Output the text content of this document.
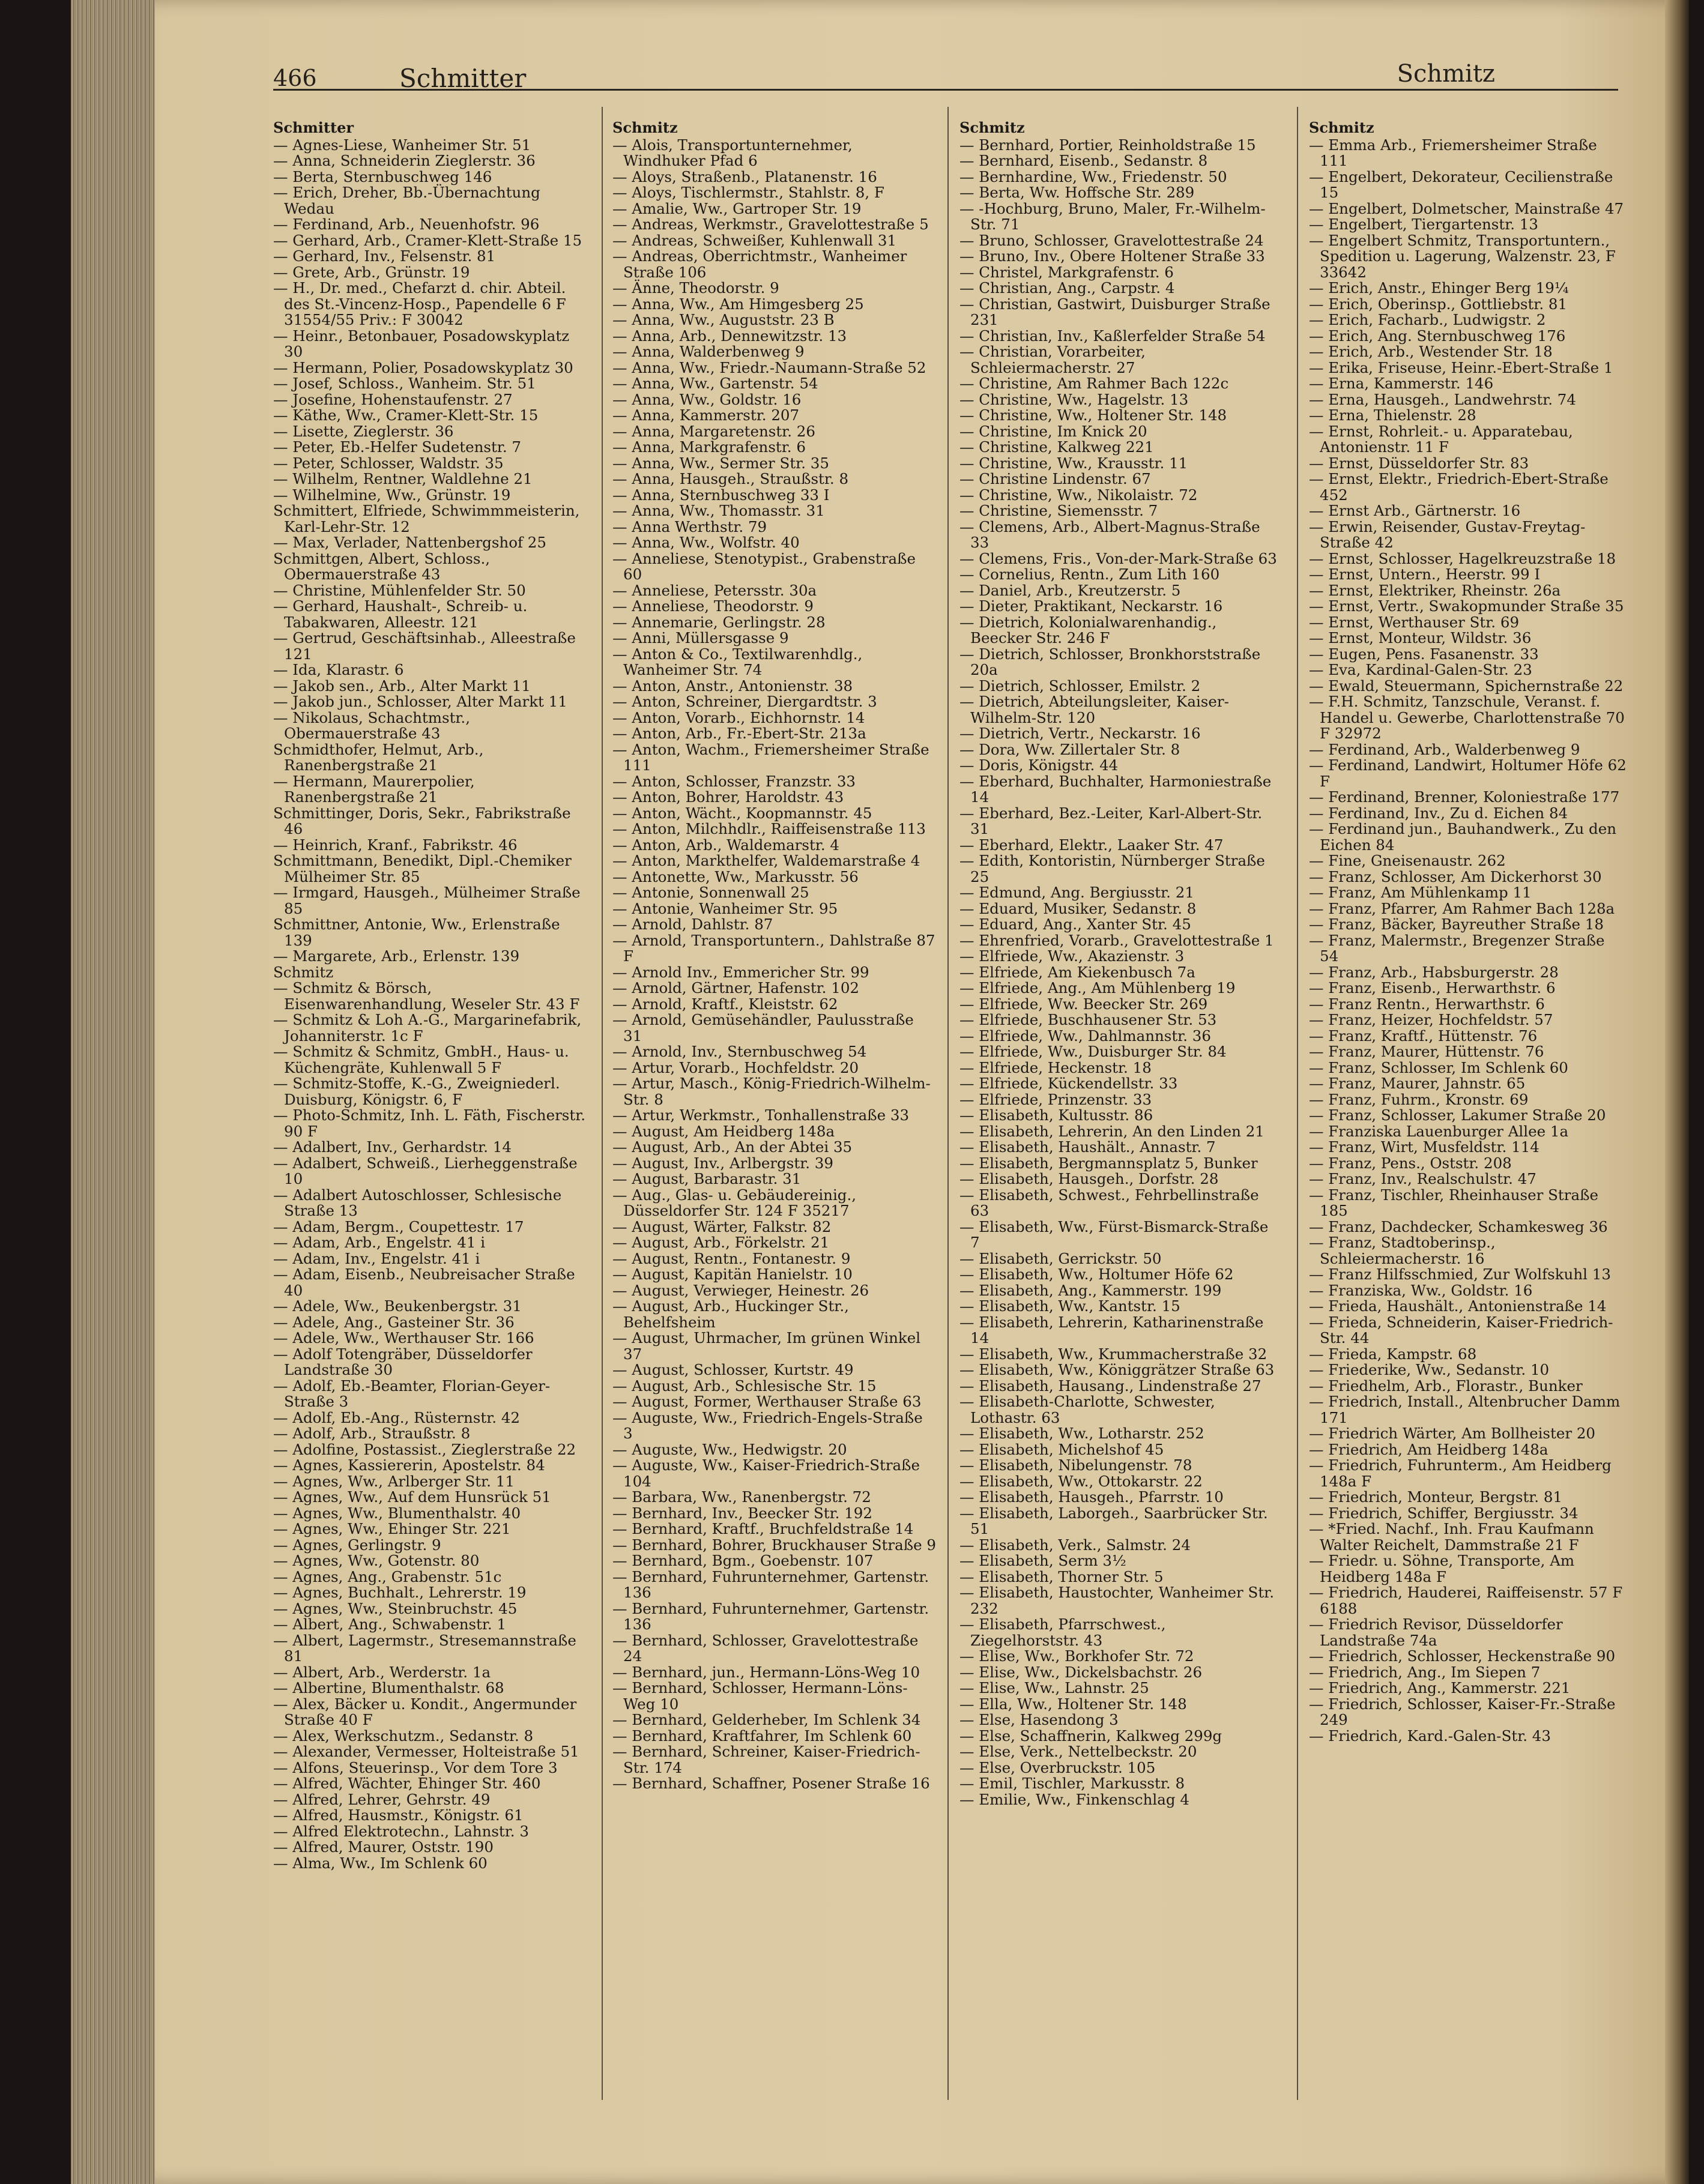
466	Schmitter	Schmitz
Schmitter
— Agnes-Liese, Wanheimer Str. 51
— Anna, Schneiderin Zieglerstr. 36
— Berta, Sternbuschweg 146
— Erich, Dreher, Bb.-Übernachtung Wedau
— Ferdinand, Arb., Neuenhofstr. 96
— Gerhard, Arb., Cramer-Klett-Straße 15
— Gerhard, Inv., Felsenstr. 81
— Grete, Arb., Grünstr. 19
— H., Dr. med., Chefarzt d. chir. Abteil. des St.-Vincenz-Hosp., Papendelle 6 F 31554/55 Priv.: F 30042
— Heinr., Betonbauer, Posadowskyplatz 30
— Hermann, Polier, Posadowskyplatz 30
— Josef, Schloss., Wanheim. Str. 51
— Josefine, Hohenstaufenstr. 27
— Käthe, Ww., Cramer-Klett-Str. 15
— Lisette, Zieglerstr. 36
— Peter, Eb.-Helfer Sudetenstr. 7
— Peter, Schlosser, Waldstr. 35
— Wilhelm, Rentner, Waldlehne 21
— Wilhelmine, Ww., Grünstr. 19
Schmittert, Elfriede, Schwimmmeisterin, Karl-Lehr-Str. 12
— Max, Verlader, Nattenbergshof 25
Schmittgen, Albert, Schloss., Obermauerstraße 43
— Christine, Mühlenfelder Str. 50
— Gerhard, Haushalt-, Schreib- u. Tabakwaren, Alleestr. 121
— Gertrud, Geschäftsinhab., Alleestraße 121
— Ida, Klarastr. 6
— Jakob sen., Arb., Alter Markt 11
— Jakob jun., Schlosser, Alter Markt 11
— Nikolaus, Schachtmstr., Obermauerstraße 43
Schmidthofer, Helmut, Arb., Ranenbergstraße 21
— Hermann, Maurerpolier, Ranenbergstraße 21
Schmittinger, Doris, Sekr., Fabrikstraße 46
— Heinrich, Kranf., Fabrikstr. 46
Schmittmann, Benedikt, Dipl.-Chemiker Mülheimer Str. 85
— Irmgard, Hausgeh., Mülheimer Straße 85
Schmittner, Antonie, Ww., Erlenstraße 139
— Margarete, Arb., Erlenstr. 139
Schmitz
— Schmitz & Börsch, Eisenwarenhandlung, Weseler Str. 43 F
— Schmitz & Loh A.-G., Margarinefabrik, Johanniterstr. 1c F
— Schmitz & Schmitz, GmbH., Haus- u. Küchengräte, Kuhlenwall 5 F
— Schmitz-Stoffe, K.-G., Zweigniederl. Duisburg, Königstr. 6, F
— Photo-Schmitz, Inh. L. Fäth, Fischerstr. 90 F
— Adalbert, Inv., Gerhardstr. 14
— Adalbert, Schweiß., Lierheggenstraße 10
— Adalbert Autoschlosser, Schlesische Straße 13
— Adam, Bergm., Coupettestr. 17
— Adam, Arb., Engelstr. 41 i
— Adam, Inv., Engelstr. 41 i
— Adam, Eisenb., Neubreisacher Straße 40
— Adele, Ww., Beukenbergstr. 31
— Adele, Ang., Gasteiner Str. 36
— Adele, Ww., Werthauser Str. 166
— Adolf Totengräber, Düsseldorfer Landstraße 30
— Adolf, Eb.-Beamter, Florian-Geyer-Straße 3
— Adolf, Eb.-Ang., Rüsternstr. 42
— Adolf, Arb., Straußstr. 8
— Adolfine, Postassist., Zieglerstraße 22
— Agnes, Kassiererin, Apostelstr. 84
— Agnes, Ww., Arlberger Str. 11
— Agnes, Ww., Auf dem Hunsrück 51
— Agnes, Ww., Blumenthalstr. 40
— Agnes, Ww., Ehinger Str. 221
— Agnes, Gerlingstr. 9
— Agnes, Ww., Gotenstr. 80
— Agnes, Ang., Grabenstr. 51c
— Agnes, Buchhalt., Lehrerstr. 19
— Agnes, Ww., Steinbruchstr. 45
— Albert, Ang., Schwabenstr. 1
— Albert, Lagermstr., Stresemannstraße 81
— Albert, Arb., Werderstr. 1a
— Albertine, Blumenthalstr. 68
— Alex, Bäcker u. Kondit., Angermunder Straße 40 F
— Alex, Werkschutzm., Sedanstr. 8
— Alexander, Vermesser, Holteistraße 51
— Alfons, Steuerinsp., Vor dem Tore 3
— Alfred, Wächter, Ehinger Str. 460
— Alfred, Lehrer, Gehrstr. 49
— Alfred, Hausmstr., Königstr. 61
— Alfred Elektrotechn., Lahnstr. 3
— Alfred, Maurer, Oststr. 190
— Alma, Ww., Im Schlenk 60
Schmitz
— Alois, Transportunternehmer, Windhuker Pfad 6
— Aloys, Straßenb., Platanenstr. 16
— Aloys, Tischlermstr., Stahlstr. 8, F
— Amalie, Ww., Gartroper Str. 19
— Andreas, Werkmstr., Gravelottestraße 5
— Andreas, Schweißer, Kuhlenwall 31
— Andreas, Oberrichtmstr., Wanheimer Straße 106
— Änne, Theodorstr. 9
— Anna, Ww., Am Himgesberg 25
— Anna, Ww., Auguststr. 23 B
— Anna, Arb., Dennewitzstr. 13
— Anna, Walderbenweg 9
— Anna, Ww., Friedr.-Naumann-Straße 52
— Anna, Ww., Gartenstr. 54
— Anna, Ww., Goldstr. 16
— Anna, Kammerstr. 207
— Anna, Margaretenstr. 26
— Anna, Markgrafenstr. 6
— Anna, Ww., Sermer Str. 35
— Anna, Hausgeh., Straußstr. 8
— Anna, Sternbuschweg 33 I
— Anna, Ww., Thomasstr. 31
— Anna Werthstr. 79
— Anna, Ww., Wolfstr. 40
— Anneliese, Stenotypist., Grabenstraße 60
— Anneliese, Petersstr. 30a
— Anneliese, Theodorstr. 9
— Annemarie, Gerlingstr. 28
— Anni, Müllersgasse 9
— Anton & Co., Textilwarenhdlg., Wanheimer Str. 74
— Anton, Anstr., Antonienstr. 38
— Anton, Schreiner, Diergardtstr. 3
— Anton, Vorarb., Eichhornstr. 14
— Anton, Arb., Fr.-Ebert-Str. 213a
— Anton, Wachm., Friemersheimer Straße 111
— Anton, Schlosser, Franzstr. 33
— Anton, Bohrer, Haroldstr. 43
— Anton, Wächt., Koopmannstr. 45
— Anton, Milchhdlr., Raiffeisenstraße 113
— Anton, Arb., Waldemarstr. 4
— Anton, Markthelfer, Waldemarstraße 4
— Antonette, Ww., Markusstr. 56
— Antonie, Sonnenwall 25
— Antonie, Wanheimer Str. 95
— Arnold, Dahlstr. 87
— Arnold, Transportuntern., Dahlstraße 87 F
— Arnold Inv., Emmericher Str. 99
— Arnold, Gärtner, Hafenstr. 102
— Arnold, Kraftf., Kleiststr. 62
— Arnold, Gemüsehändler, Paulusstraße 31
— Arnold, Inv., Sternbuschweg 54
— Artur, Vorarb., Hochfeldstr. 20
— Artur, Masch., König-Friedrich-Wilhelm-Str. 8
— Artur, Werkmstr., Tonhallenstraße 33
— August, Am Heidberg 148a
— August, Arb., An der Abtei 35
— August, Inv., Arlbergstr. 39
— August, Barbarastr. 31
— Aug., Glas- u. Gebäudereinig., Düsseldorfer Str. 124 F 35217
— August, Wärter, Falkstr. 82
— August, Arb., Förkelstr. 21
— August, Rentn., Fontanestr. 9
— August, Kapitän Hanielstr. 10
— August, Verwieger, Heinestr. 26
— August, Arb., Huckinger Str., Behelfsheim
— August, Uhrmacher, Im grünen Winkel 37
— August, Schlosser, Kurtstr. 49
— August, Arb., Schlesische Str. 15
— August, Former, Werthauser Straße 63
— Auguste, Ww., Friedrich-Engels-Straße 3
— Auguste, Ww., Hedwigstr. 20
— Auguste, Ww., Kaiser-Friedrich-Straße 104
— Barbara, Ww., Ranenbergstr. 72
— Bernhard, Inv., Beecker Str. 192
— Bernhard, Kraftf., Bruchfeldstraße 14
— Bernhard, Bohrer, Bruckhauser Straße 9
— Bernhard, Bgm., Goebenstr. 107
— Bernhard, Fuhrunternehmer, Gartenstr. 136
— Bernhard, Fuhrunternehmer, Gartenstr. 136
— Bernhard, Schlosser, Gravelottestraße 24
— Bernhard, jun., Hermann-Löns-Weg 10
— Bernhard, Schlosser, Hermann-Löns-Weg 10
— Bernhard, Gelderheber, Im Schlenk 34
— Bernhard, Kraftfahrer, Im Schlenk 60
— Bernhard, Schreiner, Kaiser-Friedrich-Str. 174
— Bernhard, Schaffner, Posener Straße 16
Schmitz
— Bernhard, Portier, Reinholdstraße 15
— Bernhard, Eisenb., Sedanstr. 8
— Bernhardine, Ww., Friedenstr. 50
— Berta, Ww. Hoffsche Str. 289
— -Hochburg, Bruno, Maler, Fr.-Wilhelm-Str. 71
— Bruno, Schlosser, Gravelottestraße 24
— Bruno, Inv., Obere Holtener Straße 33
— Christel, Markgrafenstr. 6
— Christian, Ang., Carpstr. 4
— Christian, Gastwirt, Duisburger Straße 231
— Christian, Inv., Kaßlerfelder Straße 54
— Christian, Vorarbeiter, Schleiermacherstr. 27
— Christine, Am Rahmer Bach 122c
— Christine, Ww., Hagelstr. 13
— Christine, Ww., Holtener Str. 148
— Christine, Im Knick 20
— Christine, Kalkweg 221
— Christine, Ww., Krausstr. 11
— Christine Lindenstr. 67
— Christine, Ww., Nikolaistr. 72
— Christine, Siemensstr. 7
— Clemens, Arb., Albert-Magnus-Straße 33
— Clemens, Fris., Von-der-Mark-Straße 63
— Cornelius, Rentn., Zum Lith 160
— Daniel, Arb., Kreutzerstr. 5
— Dieter, Praktikant, Neckarstr. 16
— Dietrich, Kolonialwarenhandig., Beecker Str. 246 F
— Dietrich, Schlosser, Bronkhorststraße 20a
— Dietrich, Schlosser, Emilstr. 2
— Dietrich, Abteilungsleiter, Kaiser-Wilhelm-Str. 120
— Dietrich, Vertr., Neckarstr. 16
— Dora, Ww. Zillertaler Str. 8
— Doris, Königstr. 44
— Eberhard, Buchhalter, Harmoniestraße 14
— Eberhard, Bez.-Leiter, Karl-Albert-Str. 31
— Eberhard, Elektr., Laaker Str. 47
— Edith, Kontoristin, Nürnberger Straße 25
— Edmund, Ang. Bergiusstr. 21
— Eduard, Musiker, Sedanstr. 8
— Eduard, Ang., Xanter Str. 45
— Ehrenfried, Vorarb., Gravelottestraße 1
— Elfriede, Ww., Akazienstr. 3
— Elfriede, Am Kiekenbusch 7a
— Elfriede, Ang., Am Mühlenberg 19
— Elfriede, Ww. Beecker Str. 269
— Elfriede, Buschhausener Str. 53
— Elfriede, Ww., Dahlmannstr. 36
— Elfriede, Ww., Duisburger Str. 84
— Elfriede, Heckenstr. 18
— Elfriede, Kückendellstr. 33
— Elfriede, Prinzenstr. 33
— Elisabeth, Kultusstr. 86
— Elisabeth, Lehrerin, An den Linden 21
— Elisabeth, Haushält., Annastr. 7
— Elisabeth, Bergmannsplatz 5, Bunker
— Elisabeth, Hausgeh., Dorfstr. 28
— Elisabeth, Schwest., Fehrbellinstraße 63
— Elisabeth, Ww., Fürst-Bismarck-Straße 7
— Elisabeth, Gerrickstr. 50
— Elisabeth, Ww., Holtumer Höfe 62
— Elisabeth, Ang., Kammerstr. 199
— Elisabeth, Ww., Kantstr. 15
— Elisabeth, Lehrerin, Katharinenstraße 14
— Elisabeth, Ww., Krummacherstraße 32
— Elisabeth, Ww., Königgrätzer Straße 63
— Elisabeth, Hausang., Lindenstraße 27
— Elisabeth-Charlotte, Schwester, Lothastr. 63
— Elisabeth, Ww., Lotharstr. 252
— Elisabeth, Michelshof 45
— Elisabeth, Nibelungenstr. 78
— Elisabeth, Ww., Ottokarstr. 22
— Elisabeth, Hausgeh., Pfarrstr. 10
— Elisabeth, Laborgeh., Saarbrücker Str. 51
— Elisabeth, Verk., Salmstr. 24
— Elisabeth, Serm 3½
— Elisabeth, Thorner Str. 5
— Elisabeth, Haustochter, Wanheimer Str. 232
— Elisabeth, Pfarrschwest., Ziegelhorststr. 43
— Elise, Ww., Borkhofer Str. 72
— Elise, Ww., Dickelsbachstr. 26
— Elise, Ww., Lahnstr. 25
— Ella, Ww., Holtener Str. 148
— Else, Hasendong 3
— Else, Schaffnerin, Kalkweg 299g
— Else, Verk., Nettelbeckstr. 20
— Else, Overbruckstr. 105
— Emil, Tischler, Markusstr. 8
— Emilie, Ww., Finkenschlag 4
Schmitz
— Emma Arb., Friemersheimer Straße 111
— Engelbert, Dekorateur, Cecilienstraße 15
— Engelbert, Dolmetscher, Mainstraße 47
— Engelbert, Tiergartenstr. 13
— Engelbert Schmitz, Transportuntern., Spedition u. Lagerung, Walzenstr. 23, F 33642
— Erich, Anstr., Ehinger Berg 19¼
— Erich, Oberinsp., Gottliebstr. 81
— Erich, Facharb., Ludwigstr. 2
— Erich, Ang. Sternbuschweg 176
— Erich, Arb., Westender Str. 18
— Erika, Friseuse, Heinr.-Ebert-Straße 1
— Erna, Kammerstr. 146
— Erna, Hausgeh., Landwehrstr. 74
— Erna, Thielenstr. 28
— Ernst, Rohrleit.- u. Apparatebau, Antonienstr. 11 F
— Ernst, Düsseldorfer Str. 83
— Ernst, Elektr., Friedrich-Ebert-Straße 452
— Ernst Arb., Gärtnerstr. 16
— Erwin, Reisender, Gustav-Freytag-Straße 42
— Ernst, Schlosser, Hagelkreuzstraße 18
— Ernst, Untern., Heerstr. 99 I
— Ernst, Elektriker, Rheinstr. 26a
— Ernst, Vertr., Swakopmunder Straße 35
— Ernst, Werthauser Str. 69
— Ernst, Monteur, Wildstr. 36
— Eugen, Pens. Fasanenstr. 33
— Eva, Kardinal-Galen-Str. 23
— Ewald, Steuermann, Spichernstraße 22
— F.H. Schmitz, Tanzschule, Veranst. f. Handel u. Gewerbe, Charlottenstraße 70 F 32972
— Ferdinand, Arb., Walderbenweg 9
— Ferdinand, Landwirt, Holtumer Höfe 62 F
— Ferdinand, Brenner, Koloniestraße 177
— Ferdinand, Inv., Zu d. Eichen 84
— Ferdinand jun., Bauhandwerk., Zu den Eichen 84
— Fine, Gneisenaustr. 262
— Franz, Schlosser, Am Dickerhorst 30
— Franz, Am Mühlenkamp 11
— Franz, Pfarrer, Am Rahmer Bach 128a
— Franz, Bäcker, Bayreuther Straße 18
— Franz, Malermstr., Bregenzer Straße 54
— Franz, Arb., Habsburgerstr. 28
— Franz, Eisenb., Herwarthstr. 6
— Franz Rentn., Herwarthstr. 6
— Franz, Heizer, Hochfeldstr. 57
— Franz, Kraftf., Hüttenstr. 76
— Franz, Maurer, Hüttenstr. 76
— Franz, Schlosser, Im Schlenk 60
— Franz, Maurer, Jahnstr. 65
— Franz, Fuhrm., Kronstr. 69
— Franz, Schlosser, Lakumer Straße 20
— Franziska Lauenburger Allee 1a
— Franz, Wirt, Musfeldstr. 114
— Franz, Pens., Oststr. 208
— Franz, Inv., Realschulstr. 47
— Franz, Tischler, Rheinhauser Straße 185
— Franz, Dachdecker, Schamkesweg 36
— Franz, Stadtoberinsp., Schleiermacherstr. 16
— Franz Hilfsschmied, Zur Wolfskuhl 13
— Franziska, Ww., Goldstr. 16
— Frieda, Haushält., Antonienstraße 14
— Frieda, Schneiderin, Kaiser-Friedrich-Str. 44
— Frieda, Kampstr. 68
— Friederike, Ww., Sedanstr. 10
— Friedhelm, Arb., Florastr., Bunker
— Friedrich, Install., Altenbrucher Damm 171
— Friedrich Wärter, Am Bollheister 20
— Friedrich, Am Heidberg 148a
— Friedrich, Fuhrunterm., Am Heidberg 148a F
— Friedrich, Monteur, Bergstr. 81
— Friedrich, Schiffer, Bergiusstr. 34
— *Fried. Nachf., Inh. Frau Kaufmann Walter Reichelt, Dammstraße 21 F
— Friedr. u. Söhne, Transporte, Am Heidberg 148a F
— Friedrich, Hauderei, Raiffeisenstr. 57 F 6188
— Friedrich Revisor, Düsseldorfer Landstraße 74a
— Friedrich, Schlosser, Heckenstraße 90
— Friedrich, Ang., Im Siepen 7
— Friedrich, Ang., Kammerstr. 221
— Friedrich, Schlosser, Kaiser-Fr.-Straße 249
— Friedrich, Kard.-Galen-Str. 43
